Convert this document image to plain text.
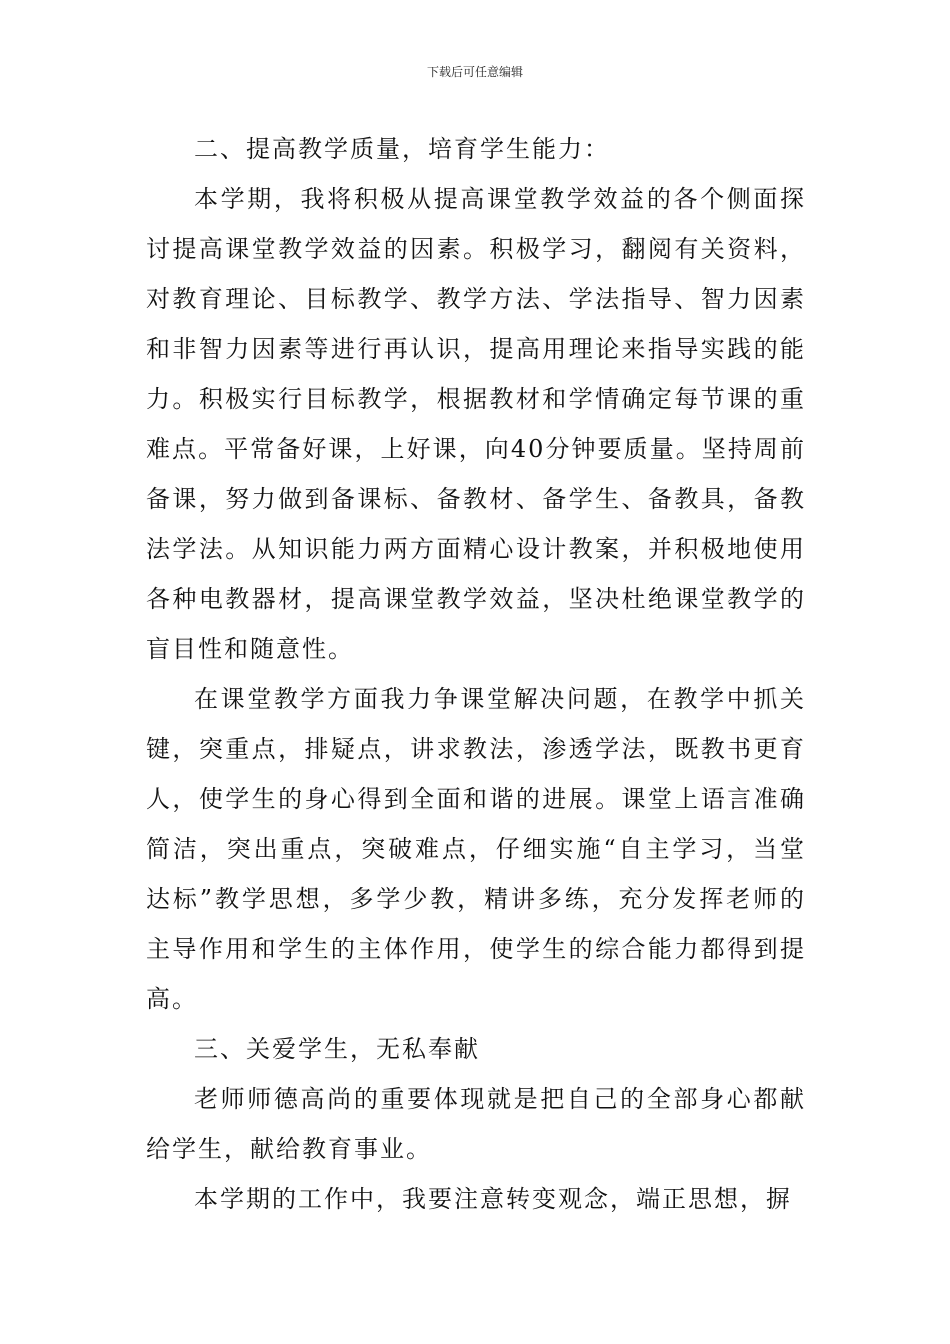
下载后可任意编辑

二、提高教学质量，培育学生能力：

本学期，我将积极从提高课堂教学效益的各个侧面探讨提高课堂教学效益的因素。积极学习，翻阅有关资料，对教育理论、目标教学、教学方法、学法指导、智力因素和非智力因素等进行再认识，提高用理论来指导实践的能力。积极实行目标教学，根据教材和学情确定每节课的重难点。平常备好课，上好课，向40分钟要质量。坚持周前备课，努力做到备课标、备教材、备学生、备教具，备教法学法。从知识能力两方面精心设计教案，并积极地使用各种电教器材，提高课堂教学效益，坚决杜绝课堂教学的盲目性和随意性。

在课堂教学方面我力争课堂解决问题，在教学中抓关键，突重点，排疑点，讲求教法，渗透学法，既教书更育人，使学生的身心得到全面和谐的进展。课堂上语言准确简洁，突出重点，突破难点，仔细实施“自主学习，当堂达标”教学思想，多学少教，精讲多练，充分发挥老师的主导作用和学生的主体作用，使学生的综合能力都得到提高。

三、关爱学生，无私奉献

老师师德高尚的重要体现就是把自己的全部身心都献给学生，献给教育事业。

本学期的工作中，我要注意转变观念，端正思想，摒
